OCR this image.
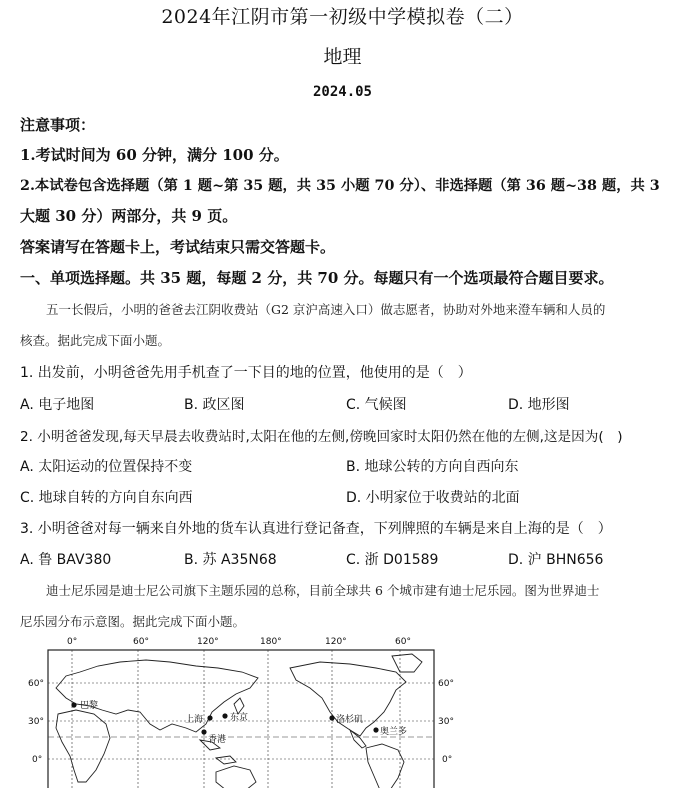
2024年江阴市第一初级中学模拟卷（二）
地理
2024.05
注意事项：
1.考试时间为 60 分钟，满分 100 分。
2.本试卷包含选择题（第 1 题~第 35 题，共 35 小题 70 分）、非选择题（第 36 题~38 题，共 3
大题 30 分）两部分，共 9 页。
答案请写在答题卡上，考试结束只需交答题卡。
一、单项选择题。共 35 题，每题 2 分，共 70 分。每题只有一个选项最符合题目要求。
五一长假后，小明的爸爸去江阴收费站（G2 京沪高速入口）做志愿者，协助对外地来澄车辆和人员的
核查。据此完成下面小题。
1. 出发前，小明爸爸先用手机查了一下目的地的位置，他使用的是（　）
A. 电子地图	B. 政区图	C. 气候图	D. 地形图
2. 小明爸爸发现,每天早晨去收费站时,太阳在他的左侧,傍晚回家时太阳仍然在他的左侧,这是因为(　)
A. 太阳运动的位置保持不变	B. 地球公转的方向自西向东
C. 地球自转的方向自东向西	D. 小明家位于收费站的北面
3. 小明爸爸对每一辆来自外地的货车认真进行登记备查，下列牌照的车辆是来自上海的是（　）
A. 鲁 BAV380	B. 苏 A35N68	C. 浙 D01589	D. 沪 BHN656
迪士尼乐园是迪士尼公司旗下主题乐园的总称，目前全球共 6 个城市建有迪士尼乐园。图为世界迪士
尼乐园分布示意图。据此完成下面小题。
0°	60°	120°	180°	120°	60°
60°
30°
0°
60°
30°
0°
巴黎
上海	东京
香港
洛杉矶
奥兰多
